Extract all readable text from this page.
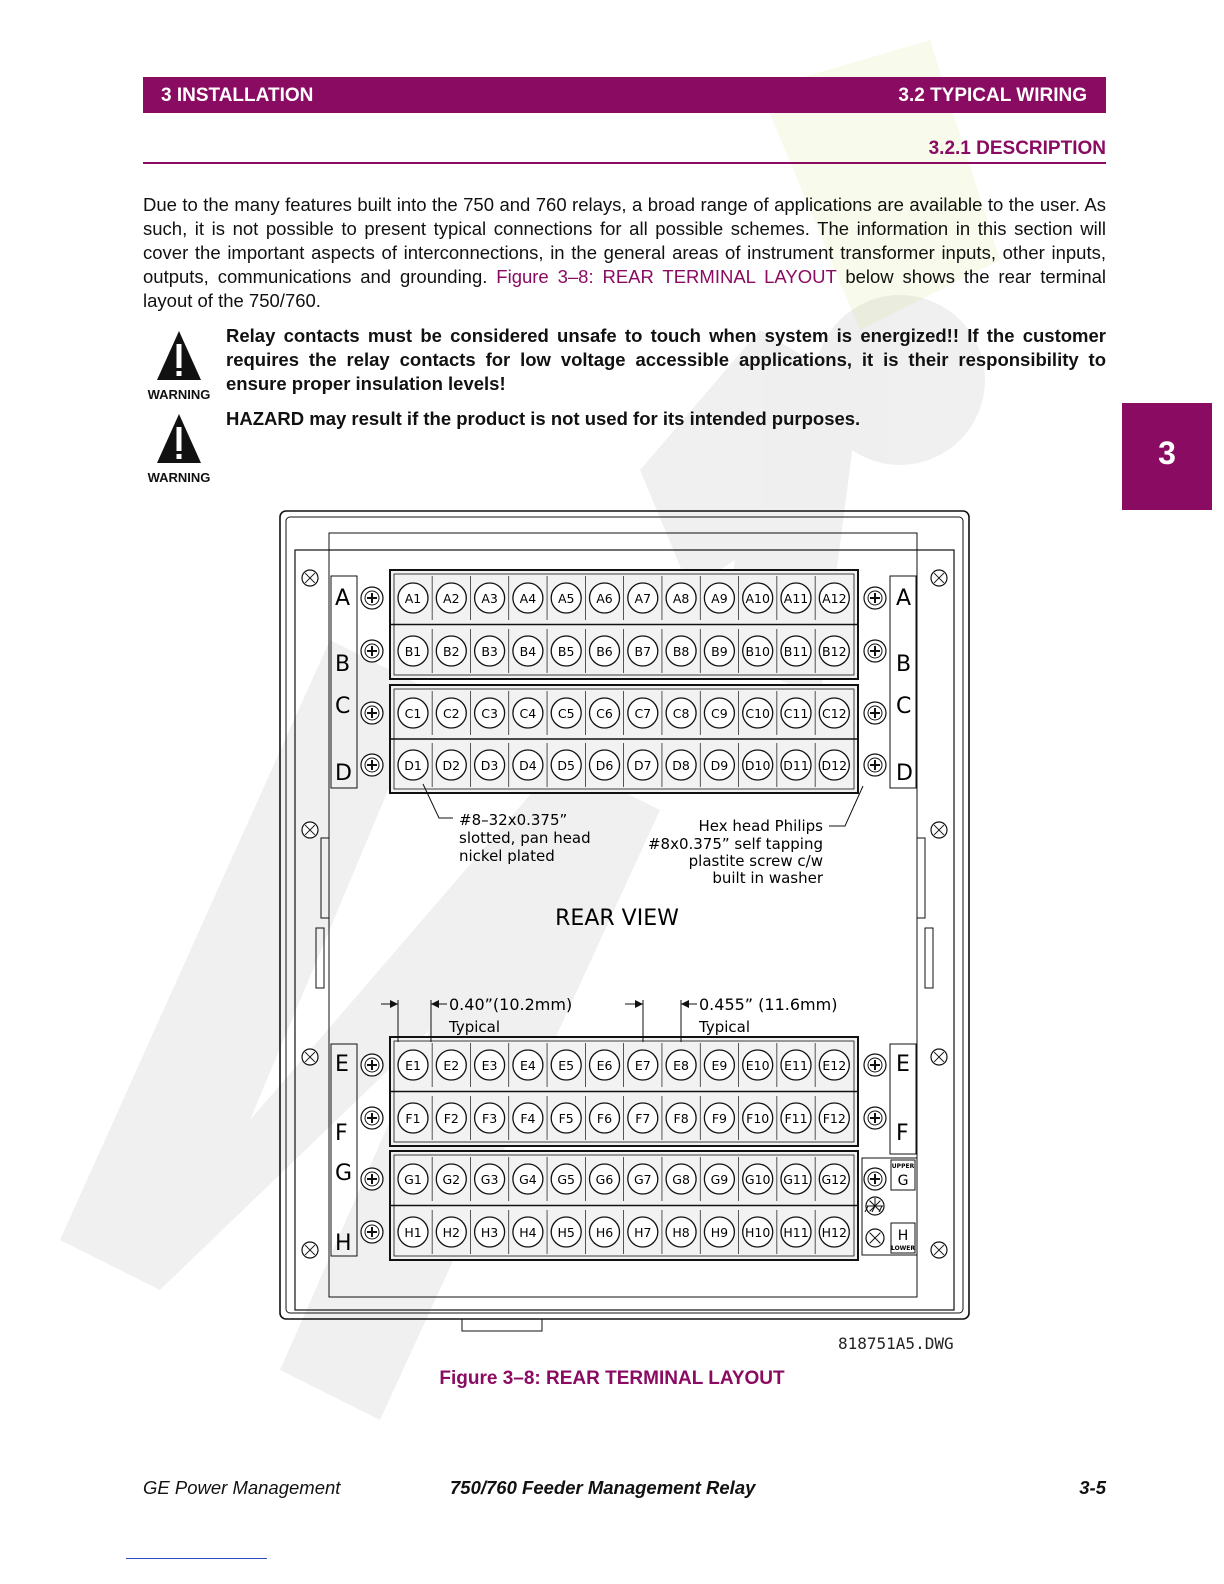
3 INSTALLATION	3.2 TYPICAL WIRING
3.2.1 DESCRIPTION
Due to the many features built into the 750 and 760 relays, a broad range of applications are available to the user. As such, it is not possible to present typical connections for all possible schemes. The information in this section will cover the important aspects of interconnections, in the general areas of instrument transformer inputs, other inputs, outputs, communications and grounding. Figure 3–8: REAR TERMINAL LAYOUT below shows the rear terminal layout of the 750/760.
WARNING
Relay contacts must be considered unsafe to touch when system is energized!! If the customer requires the relay contacts for low voltage accessible applications, it is their responsibility to ensure proper insulation levels!
WARNING
HAZARD may result if the product is not used for its intended purposes.
3
A1 A2 A3 A4 A5 A6 A7 A8 A9 A10 A11 A12
B1 B2 B3 B4 B5 B6 B7 B8 B9 B10 B11 B12
C1 C2 C3 C4 C5 C6 C7 C8 C9 C10 C11 C12
D1 D2 D3 D4 D5 D6 D7 D8 D9 D10 D11 D12
E1 E2 E3 E4 E5 E6 E7 E8 E9 E10 E11 E12
F1 F2 F3 F4 F5 F6 F7 F8 F9 F10 F11 F12
G1 G2 G3 G4 G5 G6 G7 G8 G9 G10 G11 G12
H1 H2 H3 H4 H5 H6 H7 H8 H9 H10 H11 H12
A
B
C
D
E
F
G
H
A
B
C
D
E
F
#8–32x0.375”
slotted, pan head
nickel plated
Hex head Philips
#8x0.375” self tapping
plastite screw c/w
built in washer
REAR VIEW
0.40”(10.2mm)
Typical
0.455” (11.6mm)
Typical
UPPER
G
H
LOWER
818751A5.DWG
Figure 3–8: REAR TERMINAL LAYOUT
GE Power Management	750/760 Feeder Management Relay	3-5
